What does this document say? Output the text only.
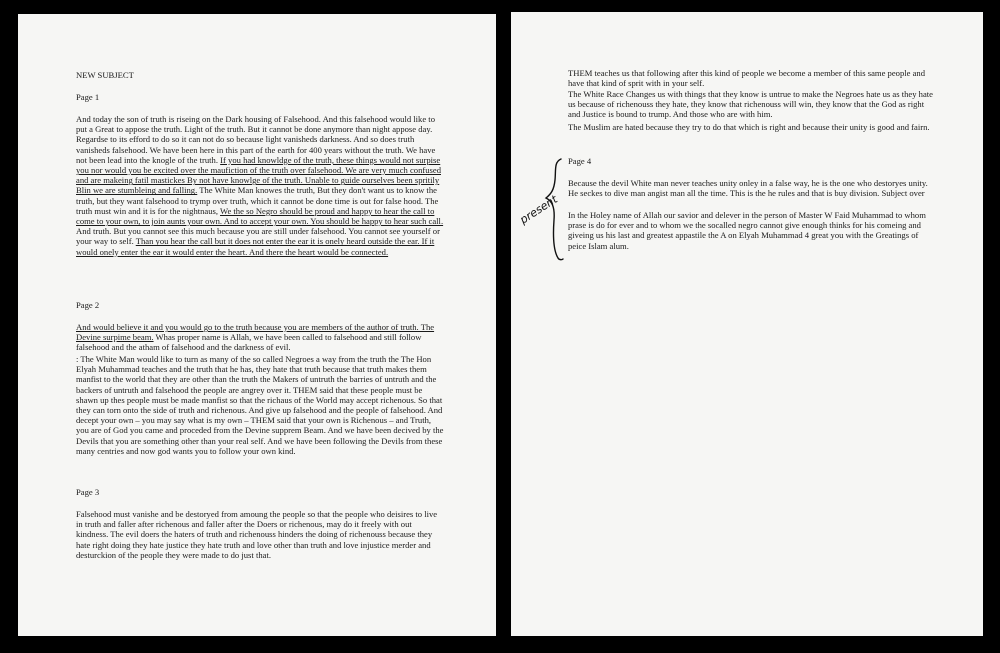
NEW SUBJECT

Page 1

And today the son of truth is riseing on the Dark housing of Falsehood. And this falsehood would like to put a Great to appose the truth. Light of the truth. But it cannot be done anymore than night appose day. Regardse to its efford to do so it can not do so because light vanisheds darkness. And so does truth vanisheds falsehood. We have been here in this part of the earth for 400 years without the truth. We have not been lead into the knogle of the truth. If you had knowldge of the truth, these things would not surpise you nor would you be excited over the maufiction of the truth over falsehood. We are very much confused and are makeing fatil mastickes By not have knowlge of the truth. Unable to guide ourselves been spritily Blin we are stumbleing and falling. The White Man knowes the truth, But they don't want us to know the truth, but they want falsehood to trymp over truth, which it cannot be done time is out for false hood. The truth must win and it is for the nightnaus, We the so Negro should be proud and happy to hear the call to come to your own, to join aunts your own. And to accept your own. You should be happy to hear such call. And truth. But you cannot see this much because you are still under falsehood. You cannot see yourself or your way to self. Than you hear the call but it does not enter the ear it is onely heard outside the ear. If it would onely enter the ear it would enter the heart. And there the heart would be connected.

Page 2

And would believe it and you would go to the truth because you are members of the author of truth. The Devine surpime beam. Whas proper name is Allah, we have been called to falsehood and still follow falsehood and the atham of falsehood and the darkness of evil.

: The White Man would like to turn as many of the so called Negroes a way from the truth the The Hon Elyah Muhammad teaches and the truth that he has, they hate that truth because that truth makes them manfist to the world that they are other than the truth the Makers of untruth the barries of untruth and the backers of untruth and falsehood the people are angrey over it. THEM said that these people must be shawn up thes people must be made manfist so that the richaus of the World may accept richenous. So that they can torn onto the side of truth and richenous. And give up falsehood and the people of falsehood. And decept your own – you may say what is my own – THEM said that your own is Richenous – and Truth, you are of God you came and proceded from the Devine supprem Beam. And we have been decived by the Devils that you are something other than your real self. And we have been following the Devils from these many centries and now god wants you to follow your own kind.

Page 3

Falsehood must vanishe and be destoryed from amoung the people so that the people who deisires to live in truth and faller after richenous and faller after the Doers or richenous, may do it freely with out kindness. The evil doers the haters of truth and richenouss hinders the doing of richenouss because they hate right doing they hate justice they hate truth and love other than truth and love injustice merder and desturckion of the people they were made to do just that.

THEM teaches us that following after this kind of people we become a member of this same people and have that kind of sprit with in your self.

The White Race Changes us with things that they know is untrue to make the Negroes hate us as they hate us because of richenouss they hate, they know that richenouss will win, they know that the God as right and Justice is bound to trump. And those who are with him.

The Muslim are hated because they try to do that which is right and because their unity is good and fairn.

Page 4

Because the devil White man never teaches unity onley in a false way, he is the one who destoryes unity. He seckes to dive man angist man all the time. This is the he rules and that is buy division. Subject over

In the Holey name of Allah our savior and delever in the person of Master W Faid Muhammad to whom prase is do for ever and to whom we the socalled negro cannot give enough thinks for his comeing and giveing us his last and greatest appastile the A on Elyah Muhammad 4 great you with the Greatings of peice Islam alum.

present
